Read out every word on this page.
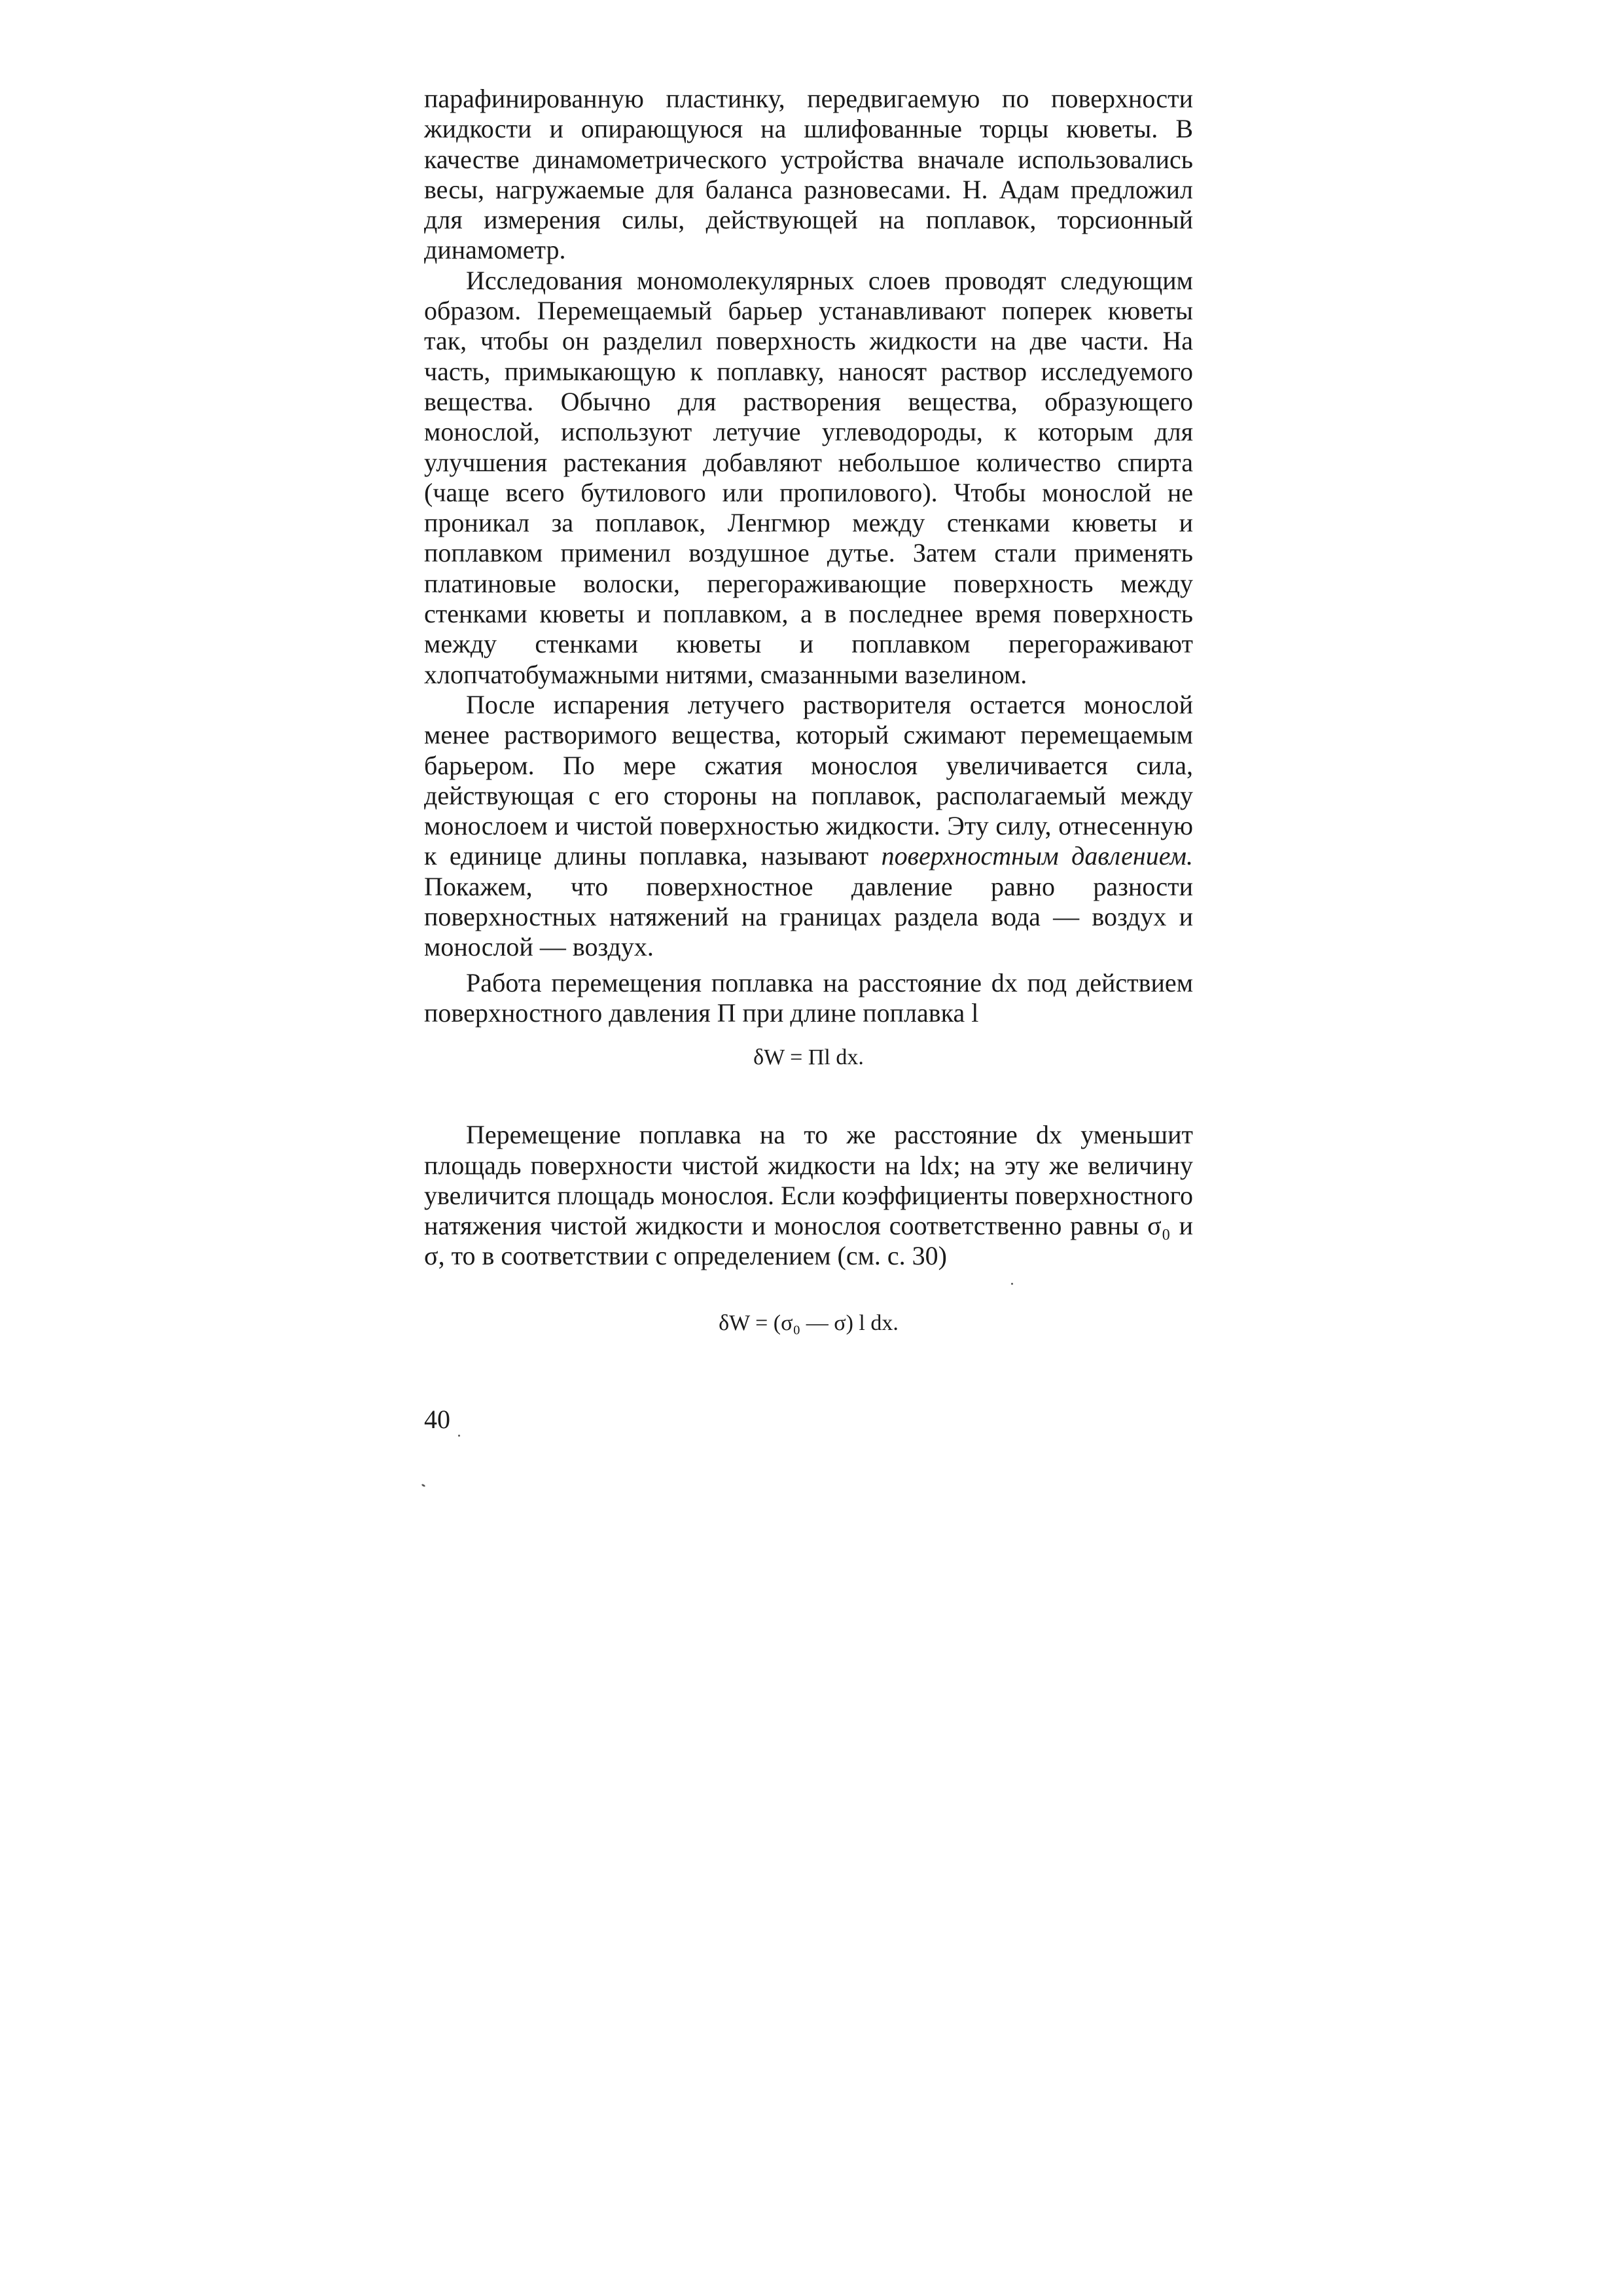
парафинированную пластинку, передвигаемую по поверхности жидкости и опирающуюся на шлифованные торцы кюветы. В качестве динамометрического устройства вначале использовались весы, нагружаемые для баланса разновесами. Н. Адам предложил для измерения силы, действующей на поплавок, торсионный динамометр.

Исследования мономолекулярных слоев проводят следующим образом. Перемещаемый барьер устанавливают поперек кюветы так, чтобы он разделил поверхность жидкости на две части. На часть, примыкающую к поплавку, наносят раствор исследуемого вещества. Обычно для растворения вещества, образующего монослой, используют летучие углеводороды, к которым для улучшения растекания добавляют небольшое количество спирта (чаще всего бутилового или пропилового). Чтобы монослой не проникал за поплавок, Ленгмюр между стенками кюветы и поплавком применил воздушное дутье. Затем стали применять платиновые волоски, перегораживающие поверхность между стенками кюветы и поплавком, а в последнее время поверхность между стенками кюветы и поплавком перегораживают хлопчатобумажными нитями, смазанными вазелином.

После испарения летучего растворителя остается монослой менее растворимого вещества, который сжимают перемещаемым барьером. По мере сжатия монослоя увеличивается сила, действующая с его стороны на поплавок, располагаемый между монослоем и чистой поверхностью жидкости. Эту силу, отнесенную к единице длины поплавка, называют поверхностным давлением. Покажем, что поверхностное давление равно разности поверхностных натяжений на границах раздела вода — воздух и монослой — воздух.

Работа перемещения поплавка на расстояние dx под действием поверхностного давления Π при длине поплавка l

δW = Πl dx.

Перемещение поплавка на то же расстояние dx уменьшит площадь поверхности чистой жидкости на ldx; на эту же величину увеличится площадь монослоя. Если коэффициенты поверхностного натяжения чистой жидкости и монослоя соответственно равны σ₀ и σ, то в соответствии с определением (см. с. 30)

δW = (σ₀ — σ) l dx.
40
